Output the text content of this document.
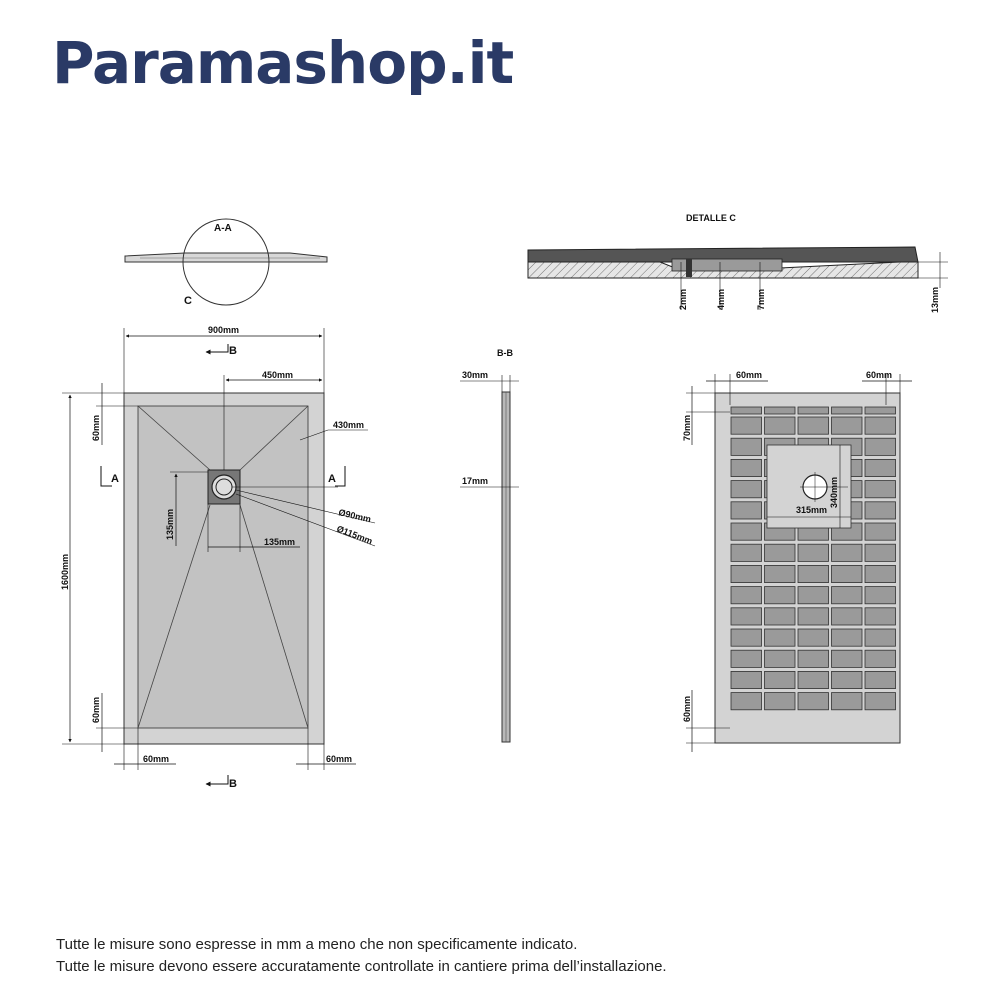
Paramashop.it
A-A
C
DETALLE C
2mm	4mm	7mm	13mm
900mm
450mm
430mm
B
B
A	A
1600mm
60mm
60mm
60mm	60mm
135mm
135mm
Ø90mm
Ø115mm
B-B
30mm
17mm
315mm
340mm
60mm	60mm
70mm
60mm
Tutte le misure sono espresse in mm a meno che non specificamente indicato.
Tutte le misure devono essere accuratamente controllate in cantiere prima dell’installazione.
